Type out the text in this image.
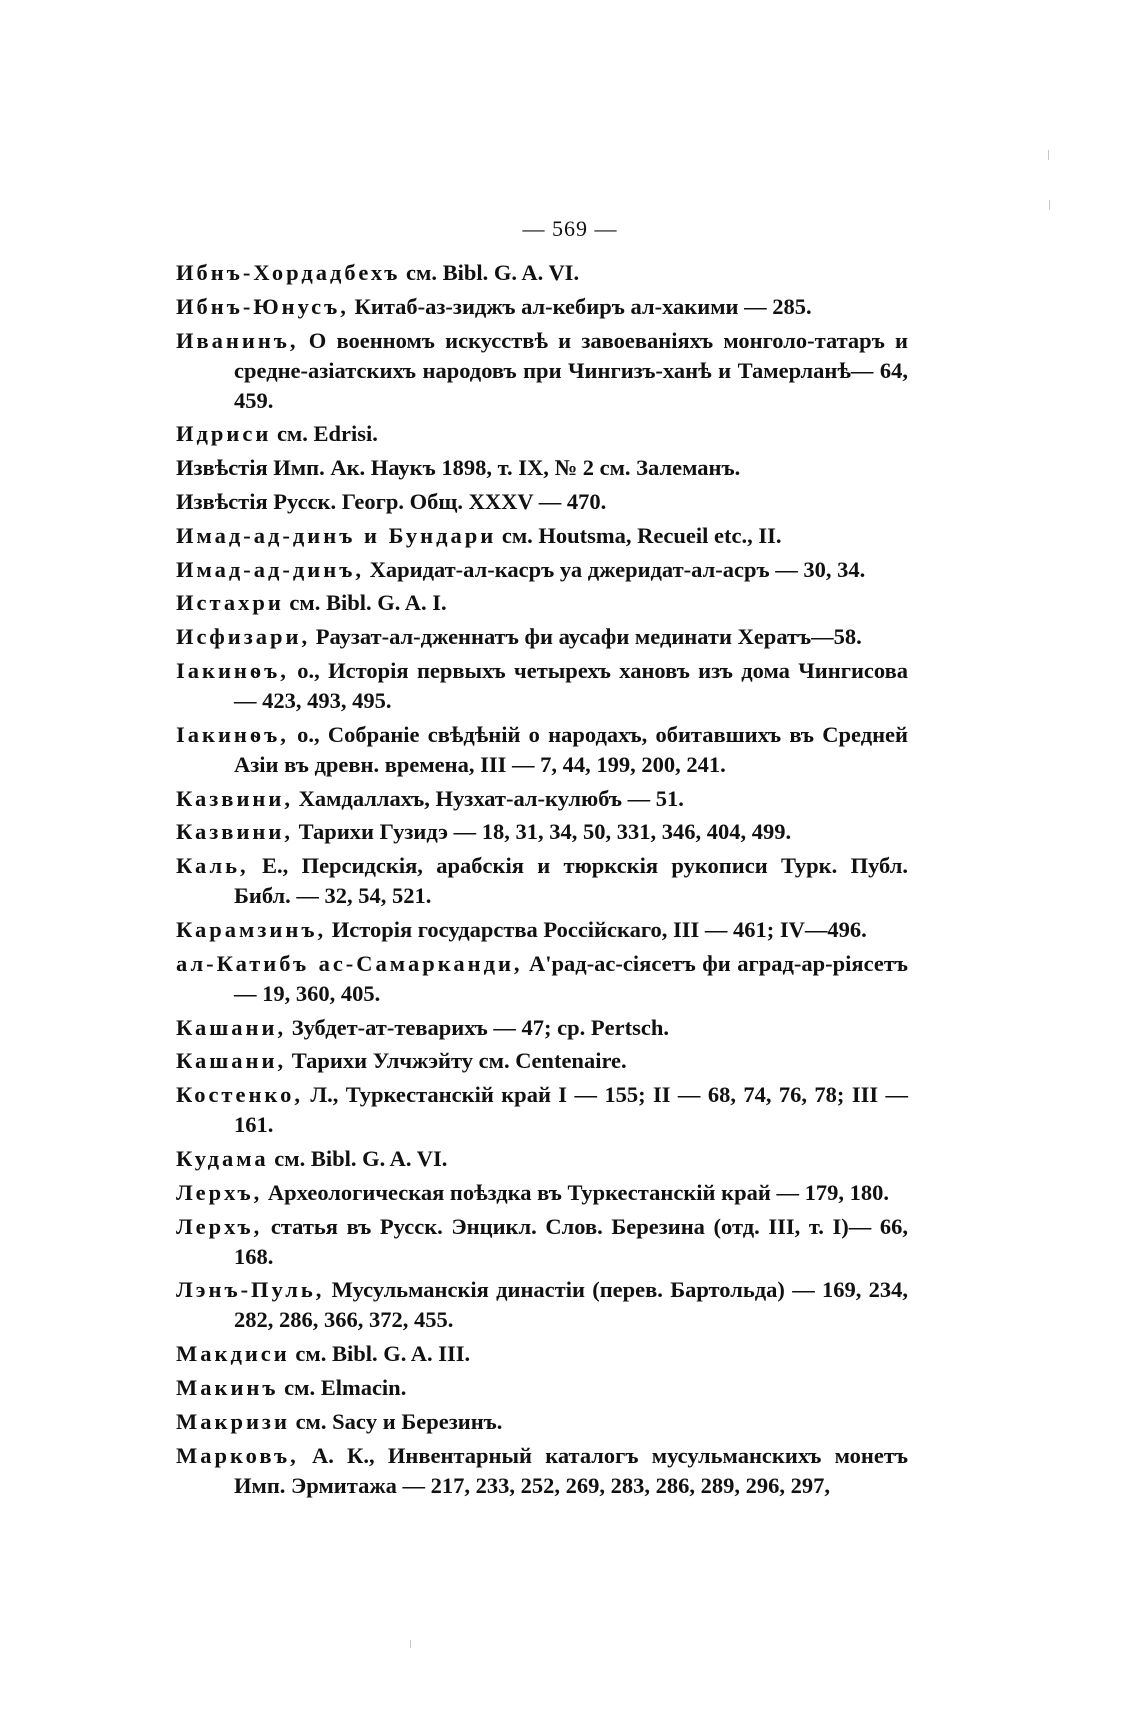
— 569 —

Ибнъ-Хордадбехъ см. Bibl. G. A. VI.

Ибнъ-Юнусъ, Китаб-аз-зиджъ ал-кебиръ ал-хакими — 285.

Иванинъ, О военномъ искусствѣ и завоеваніяхъ монголо-татаръ и средне-азіатскихъ народовъ при Чингизъ-ханѣ и Тамерланѣ— 64, 459.

Идриси см. Edrisi.

Извѣстія Имп. Ак. Наукъ 1898, т. IX, № 2 см. Залеманъ.

Извѣстія Русск. Геогр. Общ. XXXV — 470.

Имад-ад-динъ и Бундари см. Houtsma, Recueil etc., II.

Имад-ад-динъ, Харидат-ал-касръ уа джеридат-ал-асръ — 30, 34.

Истахри см. Bibl. G. A. I.

Исфизари, Раузат-ал-дженнатъ фи аусафи мединати Хератъ—58.

Іакинѳъ, о., Исторія первыхъ четырехъ хановъ изъ дома Чингисова — 423, 493, 495.

Іакинѳъ, о., Собраніе свѣдѣній о народахъ, обитавшихъ въ Средней Азіи въ древн. времена, III — 7, 44, 199, 200, 241.

Казвини, Хамдаллахъ, Нузхат-ал-кулюбъ — 51.

Казвини, Тарихи Гузидэ — 18, 31, 34, 50, 331, 346, 404, 499.

Каль, Е., Персидскія, арабскія и тюркскія рукописи Турк. Публ. Библ. — 32, 54, 521.

Карамзинъ, Исторія государства Россійскаго, III — 461; IV—496.

ал-Катибъ ас-Самарканди, А'рад-ас-сіясетъ фи аград-ар-ріясетъ — 19, 360, 405.

Кашани, Зубдет-ат-теварихъ — 47; ср. Pertsch.

Кашани, Тарихи Улчжэйту см. Centenaire.

Костенко, Л., Туркестанскій край I — 155; II — 68, 74, 76, 78; III — 161.

Кудама см. Bibl. G. A. VI.

Лерхъ, Археологическая поѣздка въ Туркестанскій край — 179, 180.

Лерхъ, статья въ Русск. Энцикл. Слов. Березина (отд. III, т. I)— 66, 168.

Лэнъ-Пуль, Мусульманскія династіи (перев. Бартольда) — 169, 234, 282, 286, 366, 372, 455.

Макдиси см. Bibl. G. A. III.

Макинъ см. Elmacin.

Макризи см. Sacy и Березинъ.

Марковъ, А. К., Инвентарный каталогъ мусульманскихъ монетъ Имп. Эрмитажа — 217, 233, 252, 269, 283, 286, 289, 296, 297,
